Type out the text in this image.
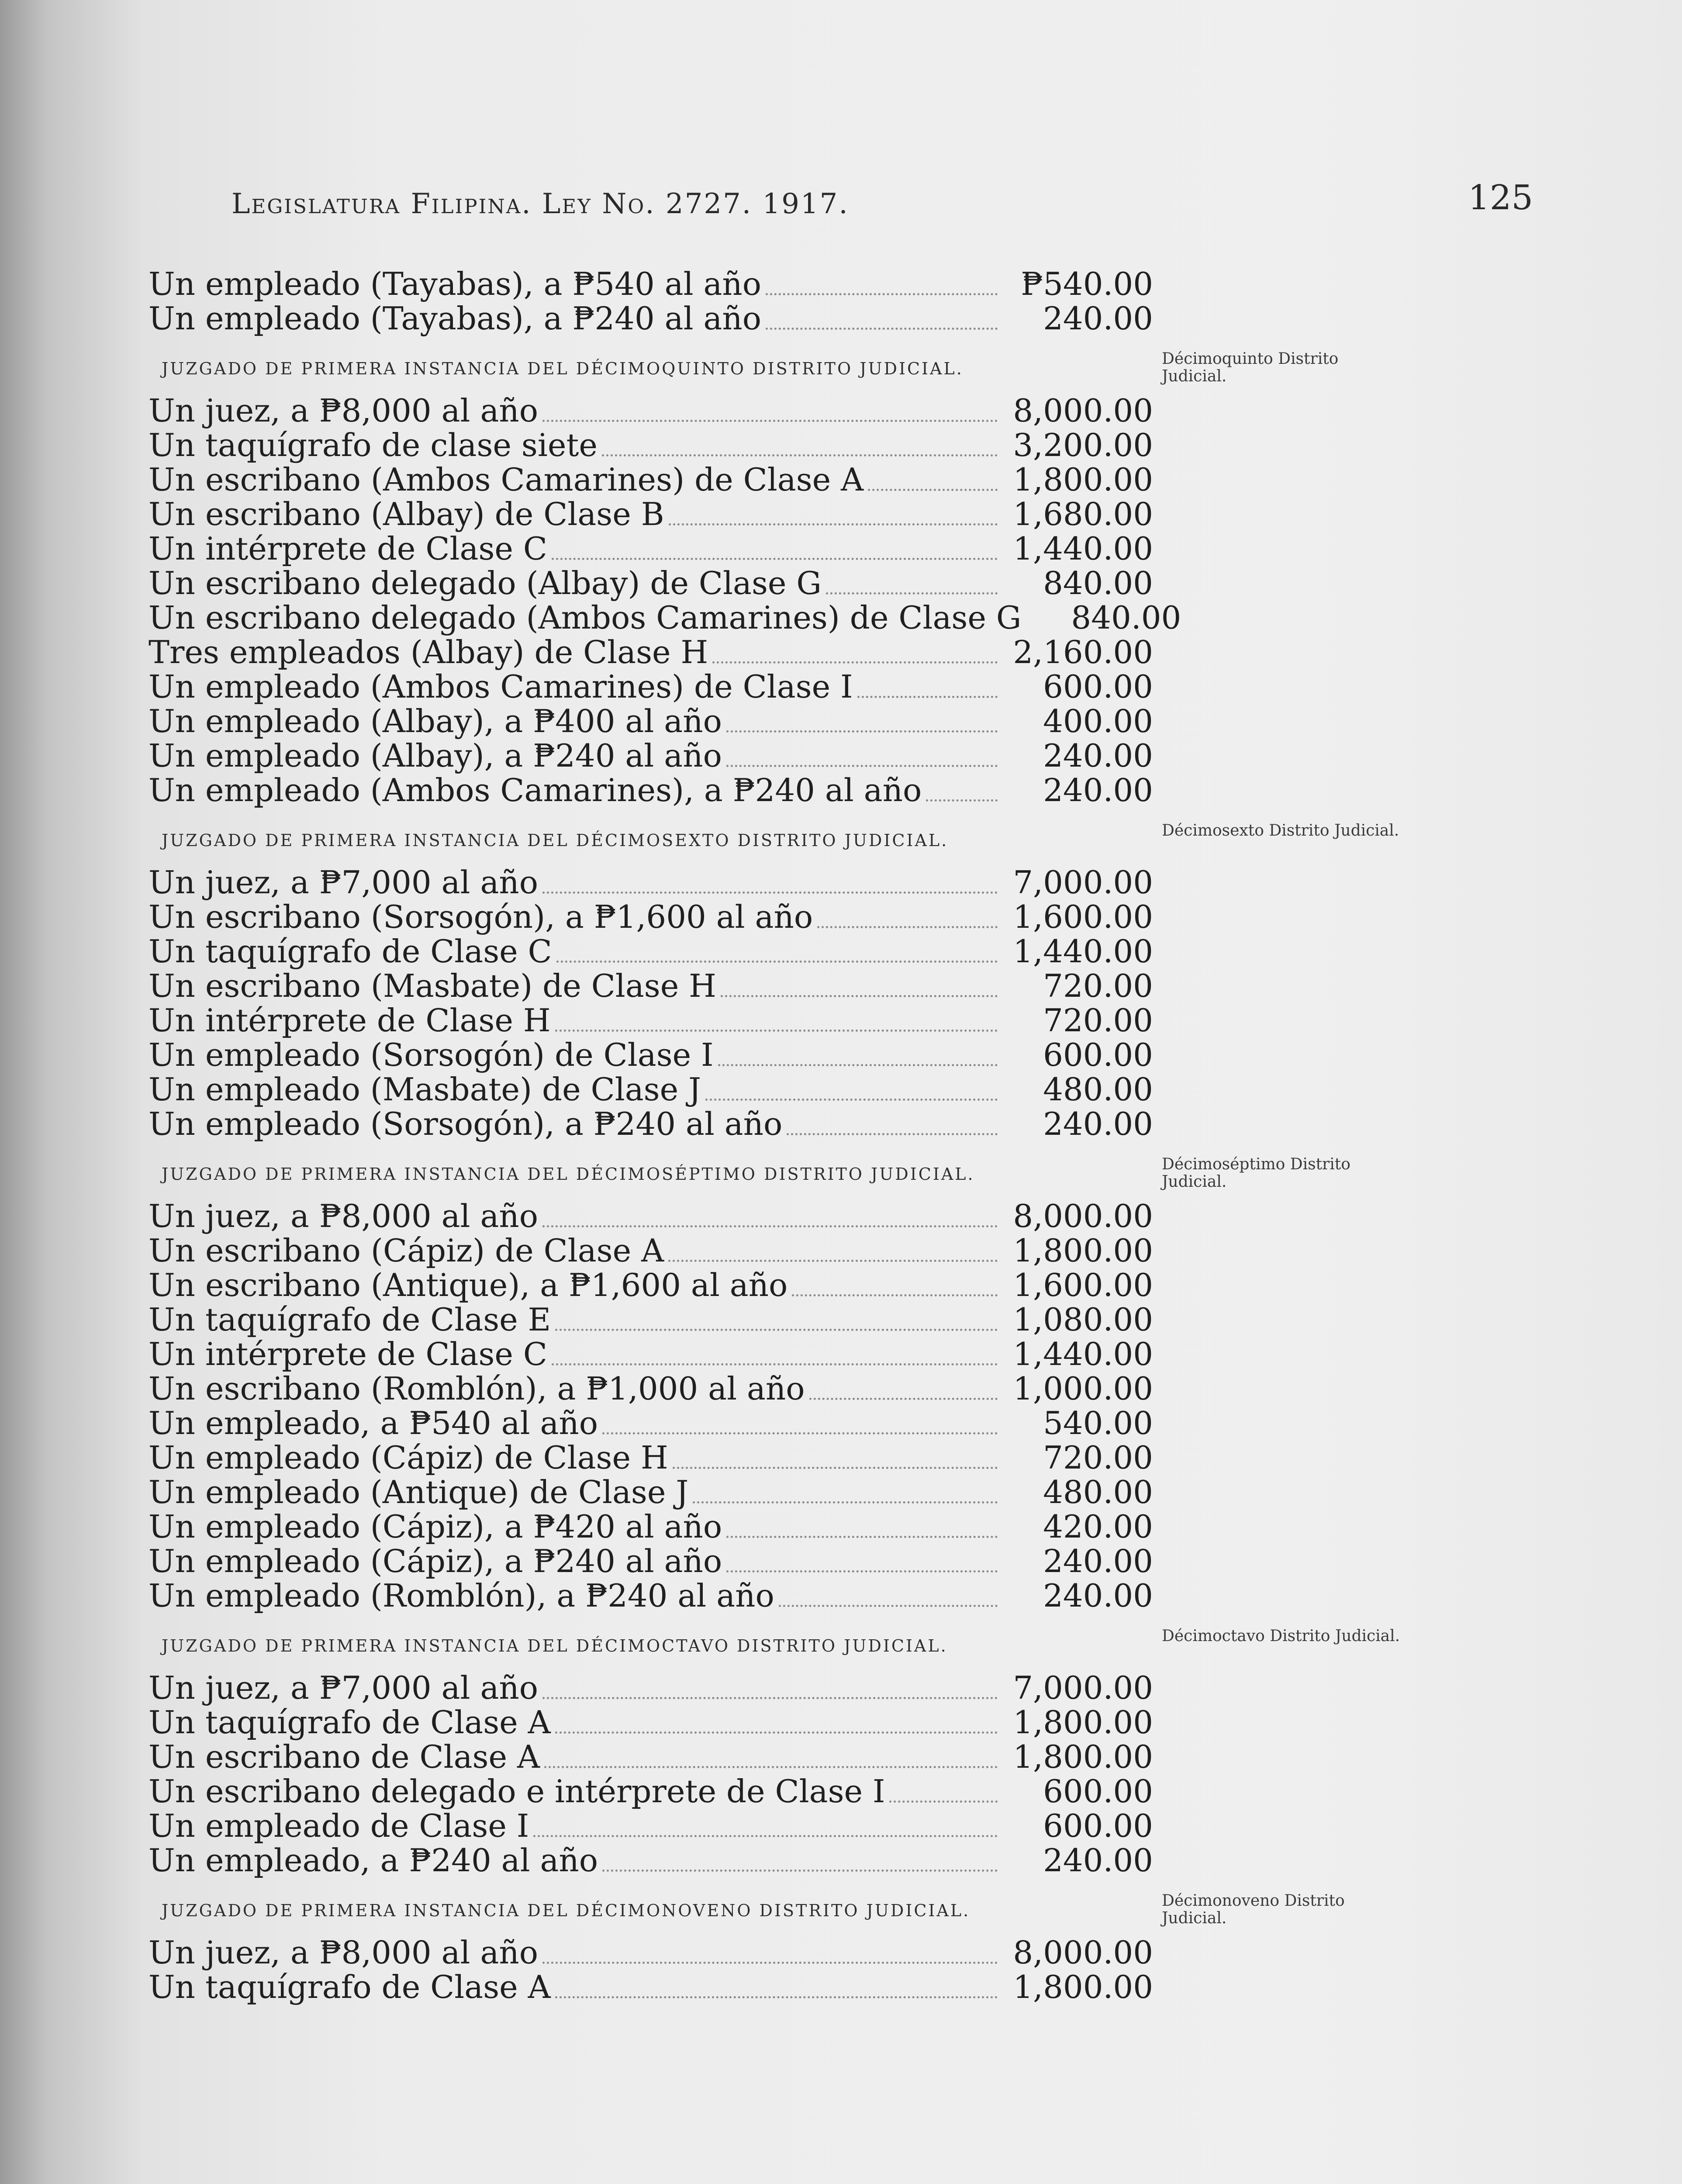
Legislatura Filipina. Ley No. 2727. 1917.	125
Un empleado (Tayabas), a ₱540 al año	₱540.00
Un empleado (Tayabas), a ₱240 al año	240.00
JUZGADO DE PRIMERA INSTANCIA DEL DÉCIMOQUINTO DISTRITO JUDICIAL.
Décimoquinto Distrito Judicial.
Un juez, a ₱8,000 al año	8,000.00
Un taquígrafo de clase siete	3,200.00
Un escribano (Ambos Camarines) de Clase A	1,800.00
Un escribano (Albay) de Clase B	1,680.00
Un intérprete de Clase C	1,440.00
Un escribano delegado (Albay) de Clase G	840.00
Un escribano delegado (Ambos Camarines) de Clase G	840.00
Tres empleados (Albay) de Clase H	2,160.00
Un empleado (Ambos Camarines) de Clase I	600.00
Un empleado (Albay), a ₱400 al año	400.00
Un empleado (Albay), a ₱240 al año	240.00
Un empleado (Ambos Camarines), a ₱240 al año	240.00
JUZGADO DE PRIMERA INSTANCIA DEL DÉCIMOSEXTO DISTRITO JUDICIAL.
Décimosexto Distrito Judicial.
Un juez, a ₱7,000 al año	7,000.00
Un escribano (Sorsogón), a ₱1,600 al año	1,600.00
Un taquígrafo de Clase C	1,440.00
Un escribano (Masbate) de Clase H	720.00
Un intérprete de Clase H	720.00
Un empleado (Sorsogón) de Clase I	600.00
Un empleado (Masbate) de Clase J	480.00
Un empleado (Sorsogón), a ₱240 al año	240.00
JUZGADO DE PRIMERA INSTANCIA DEL DÉCIMOSÉPTIMO DISTRITO JUDICIAL.
Décimoséptimo Distrito Judicial.
Un juez, a ₱8,000 al año	8,000.00
Un escribano (Cápiz) de Clase A	1,800.00
Un escribano (Antique), a ₱1,600 al año	1,600.00
Un taquígrafo de Clase E	1,080.00
Un intérprete de Clase C	1,440.00
Un escribano (Romblón), a ₱1,000 al año	1,000.00
Un empleado, a ₱540 al año	540.00
Un empleado (Cápiz) de Clase H	720.00
Un empleado (Antique) de Clase J	480.00
Un empleado (Cápiz), a ₱420 al año	420.00
Un empleado (Cápiz), a ₱240 al año	240.00
Un empleado (Romblón), a ₱240 al año	240.00
JUZGADO DE PRIMERA INSTANCIA DEL DÉCIMOCTAVO DISTRITO JUDICIAL.
Décimoctavo Distrito Judicial.
Un juez, a ₱7,000 al año	7,000.00
Un taquígrafo de Clase A	1,800.00
Un escribano de Clase A	1,800.00
Un escribano delegado e intérprete de Clase I	600.00
Un empleado de Clase I	600.00
Un empleado, a ₱240 al año	240.00
JUZGADO DE PRIMERA INSTANCIA DEL DÉCIMONOVENO DISTRITO JUDICIAL.
Décimonoveno Distrito Judicial.
Un juez, a ₱8,000 al año	8,000.00
Un taquígrafo de Clase A	1,800.00
